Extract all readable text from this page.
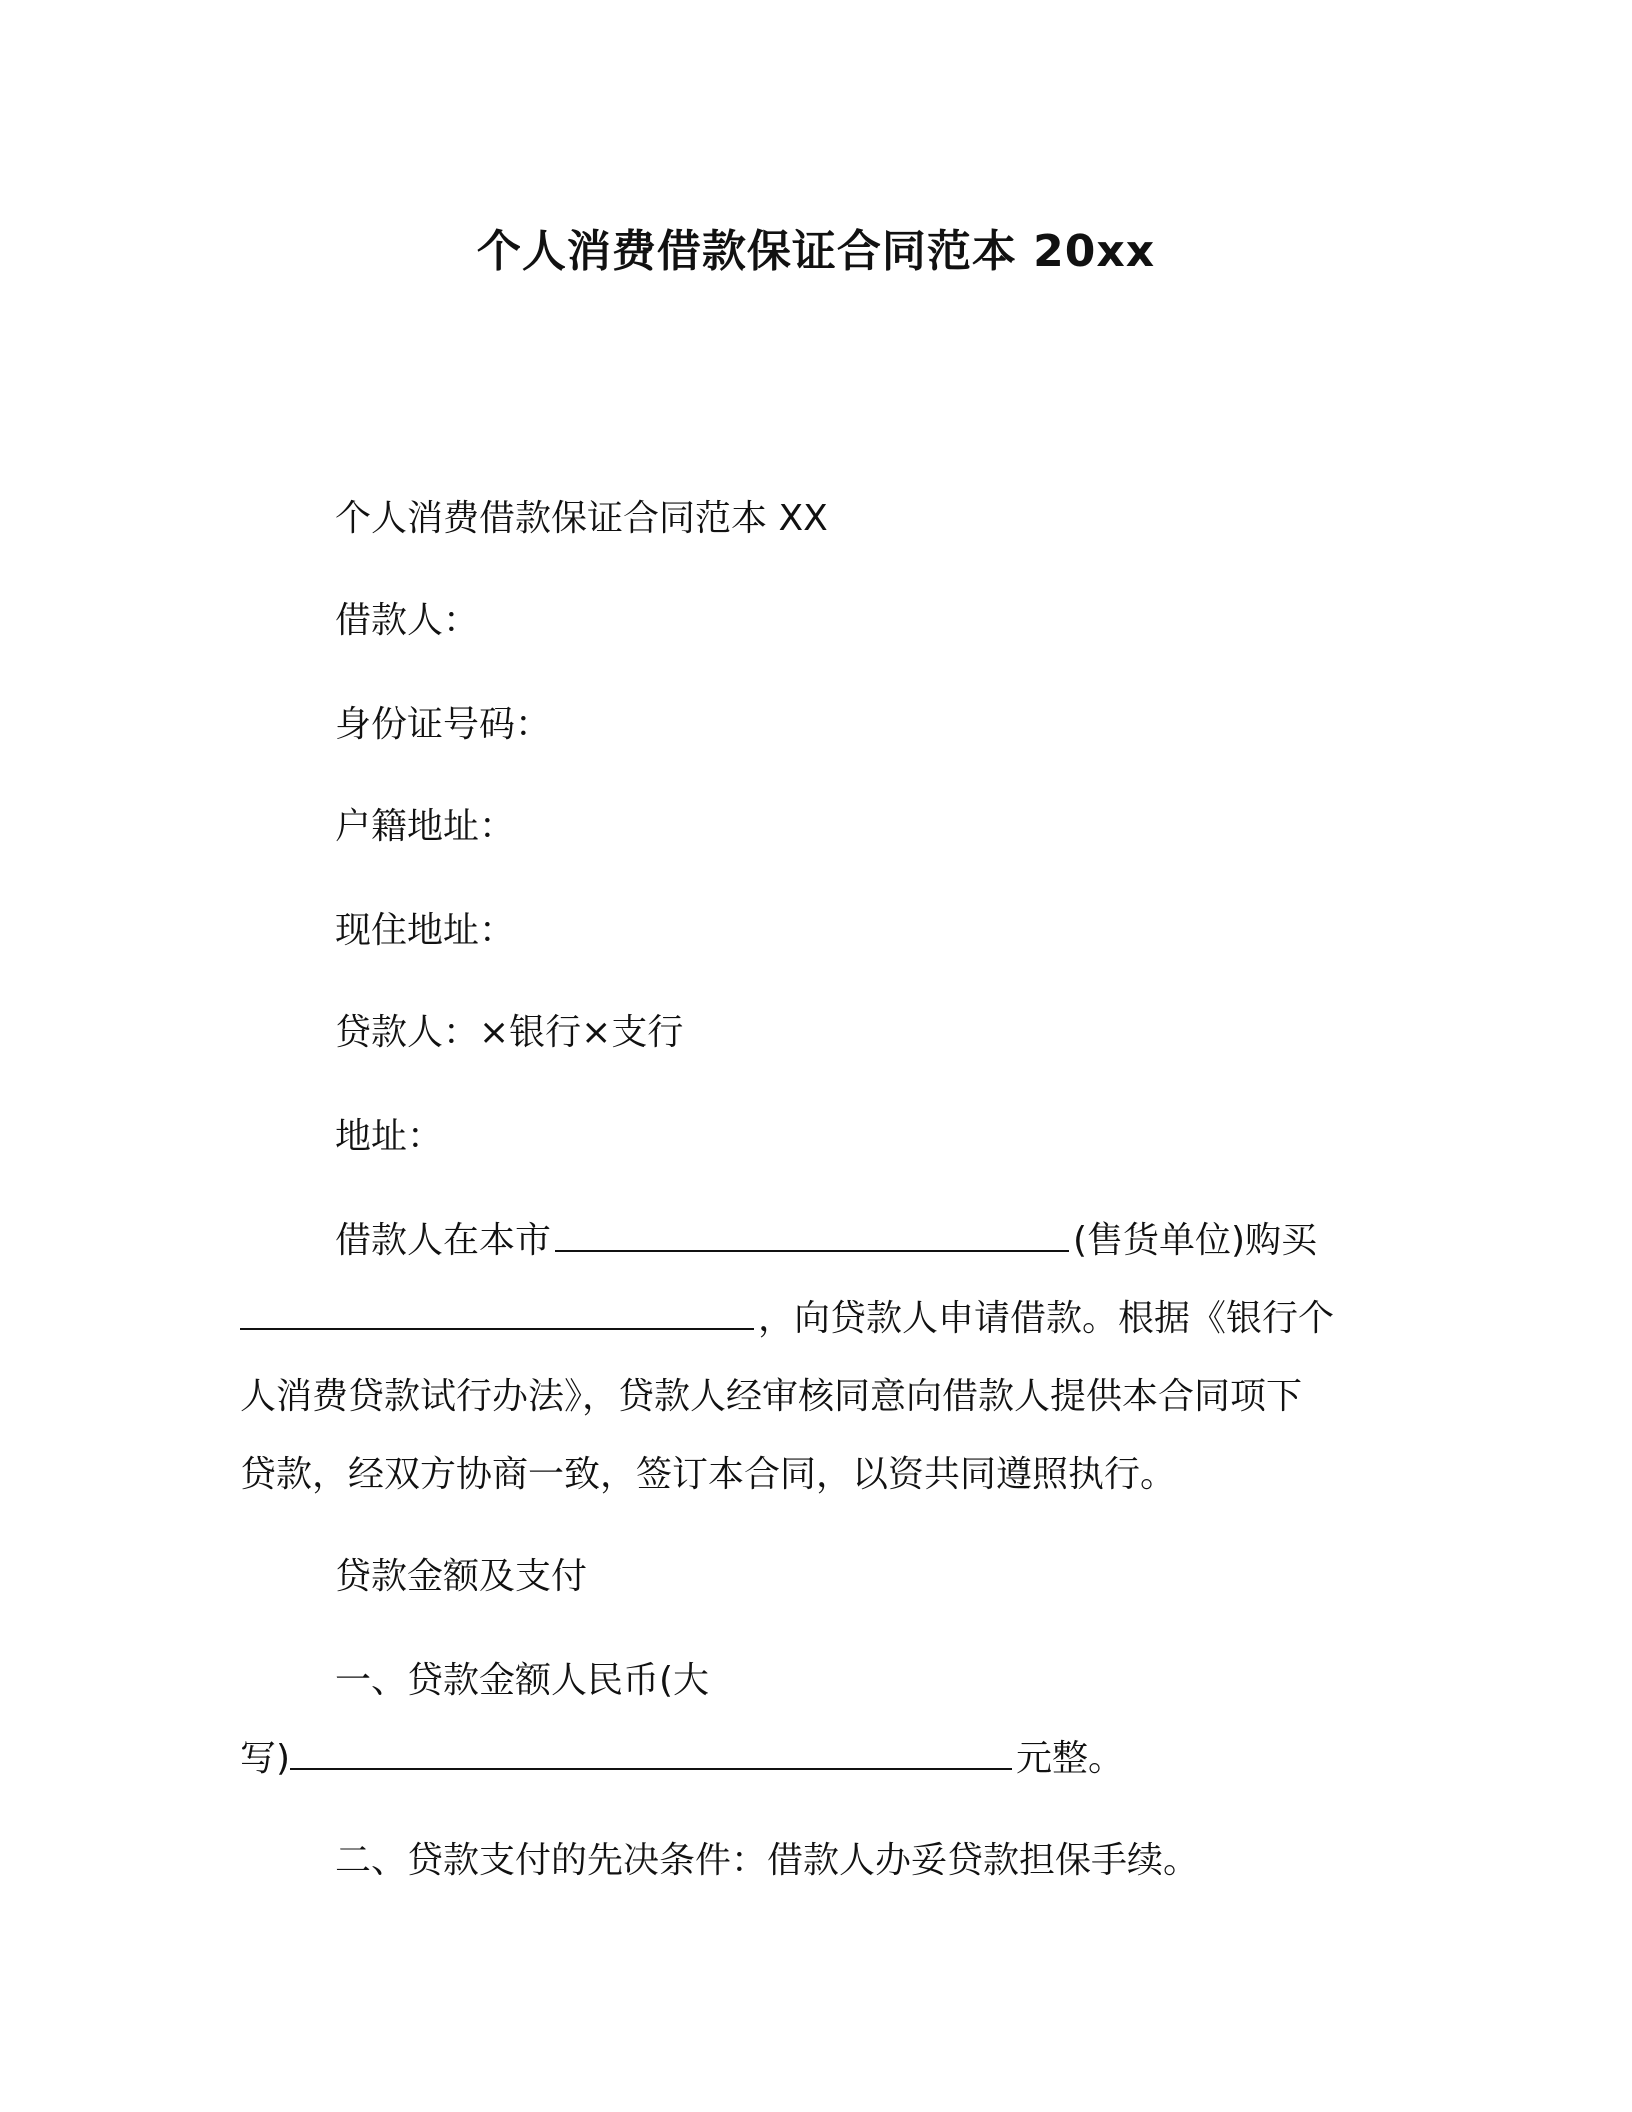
个人消费借款保证合同范本 20xx
个人消费借款保证合同范本 XX
借款人：
身份证号码：
户籍地址：
现住地址：
贷款人：×银行×支行
地址：
借款人在本市	(售货单位)购买
，向贷款人申请借款。根据《银行个
人消费贷款试行办法》，贷款人经审核同意向借款人提供本合同项下
贷款，经双方协商一致，签订本合同，以资共同遵照执行。
贷款金额及支付
一、贷款金额人民币(大
写)	元整。
二、贷款支付的先决条件：借款人办妥贷款担保手续。
